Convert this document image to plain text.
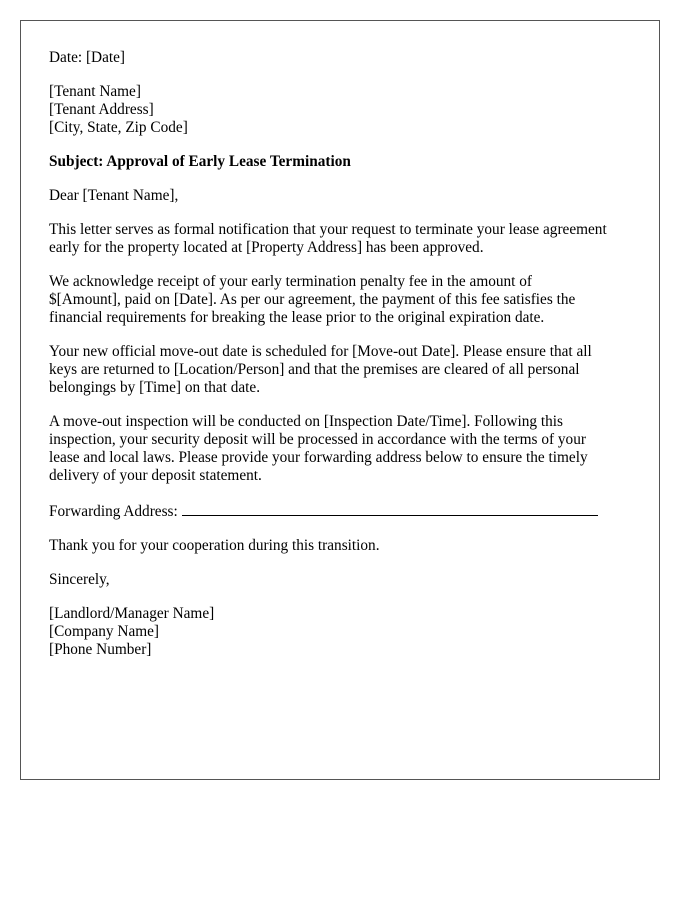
Date: [Date]
[Tenant Name]
[Tenant Address]
[City, State, Zip Code]
Subject: Approval of Early Lease Termination
Dear [Tenant Name],
This letter serves as formal notification that your request to terminate your lease agreement
early for the property located at [Property Address] has been approved.
We acknowledge receipt of your early termination penalty fee in the amount of
$[Amount], paid on [Date]. As per our agreement, the payment of this fee satisfies the
financial requirements for breaking the lease prior to the original expiration date.
Your new official move-out date is scheduled for [Move-out Date]. Please ensure that all
keys are returned to [Location/Person] and that the premises are cleared of all personal
belongings by [Time] on that date.
A move-out inspection will be conducted on [Inspection Date/Time]. Following this
inspection, your security deposit will be processed in accordance with the terms of your
lease and local laws. Please provide your forwarding address below to ensure the timely
delivery of your deposit statement.
Forwarding Address:
Thank you for your cooperation during this transition.
Sincerely,
[Landlord/Manager Name]
[Company Name]
[Phone Number]
